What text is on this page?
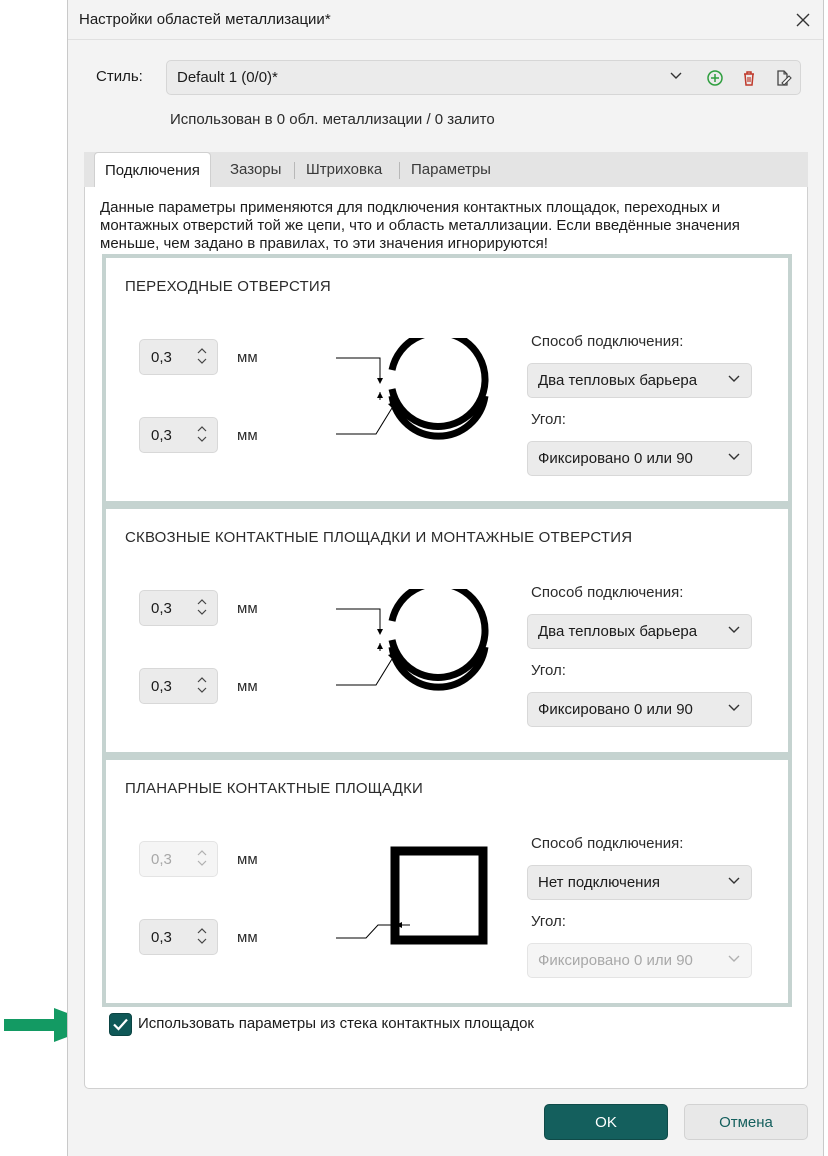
Настройки областей металлизации*
Стиль: Default 1 (0/0)*
Использован в 0 обл. металлизации / 0 залито
Подключения	Зазоры Штриховка Параметры
Данные параметры применяются для подключения контактных площадок, переходных и монтажных отверстий той же цепи, что и область металлизации. Если введённые значения меньше, чем задано в правилах, то эти значения игнорируются!
ПЕРЕХОДНЫЕ ОТВЕРСТИЯ
0,3	мм
0,3	мм
Способ подключения:
Два тепловых барьера
Угол:
Фиксировано 0 или 90
СКВОЗНЫЕ КОНТАКТНЫЕ ПЛОЩАДКИ И МОНТАЖНЫЕ ОТВЕРСТИЯ
0,3	мм
0,3	мм
Способ подключения:
Два тепловых барьера
Угол:
Фиксировано 0 или 90
ПЛАНАРНЫЕ КОНТАКТНЫЕ ПЛОЩАДКИ
0,3	мм
0,3	мм
Способ подключения:
Нет подключения
Угол:
Фиксировано 0 или 90
Использовать параметры из стека контактных площадок
OK	Отмена
